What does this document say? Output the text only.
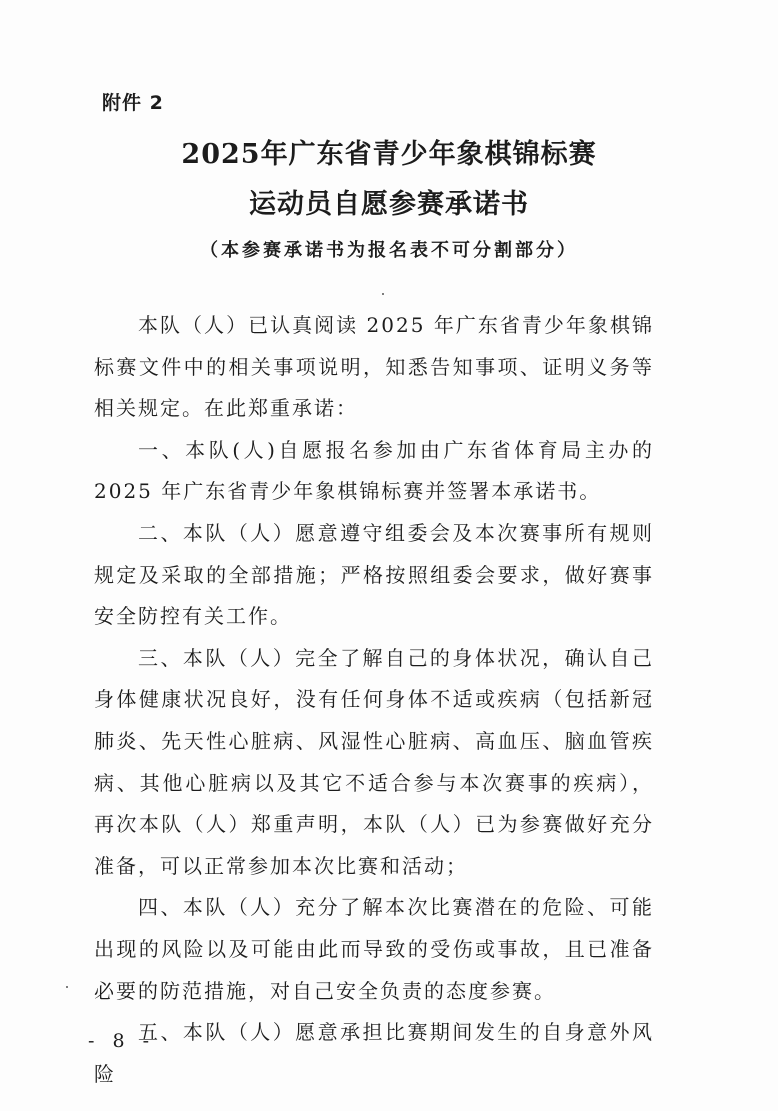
附件 2
2025年广东省青少年象棋锦标赛
运动员自愿参赛承诺书
（本参赛承诺书为报名表不可分割部分）

本队（人）已认真阅读 2025 年广东省青少年象棋锦标赛文件中的相关事项说明，知悉告知事项、证明义务等相关规定。在此郑重承诺：

一、本队(人)自愿报名参加由广东省体育局主办的 2025 年广东省青少年象棋锦标赛并签署本承诺书。

二、本队（人）愿意遵守组委会及本次赛事所有规则规定及采取的全部措施；严格按照组委会要求，做好赛事安全防控有关工作。

三、本队（人）完全了解自己的身体状况，确认自己身体健康状况良好，没有任何身体不适或疾病（包括新冠肺炎、先天性心脏病、风湿性心脏病、高血压、脑血管疾病、其他心脏病以及其它不适合参与本次赛事的疾病），再次本队（人）郑重声明，本队（人）已为参赛做好充分准备，可以正常参加本次比赛和活动；

四、本队（人）充分了解本次比赛潜在的危险、可能出现的风险以及可能由此而导致的受伤或事故，且已准备必要的防范措施，对自己安全负责的态度参赛。

五、本队（人）愿意承担比赛期间发生的自身意外风险

- 8 -
